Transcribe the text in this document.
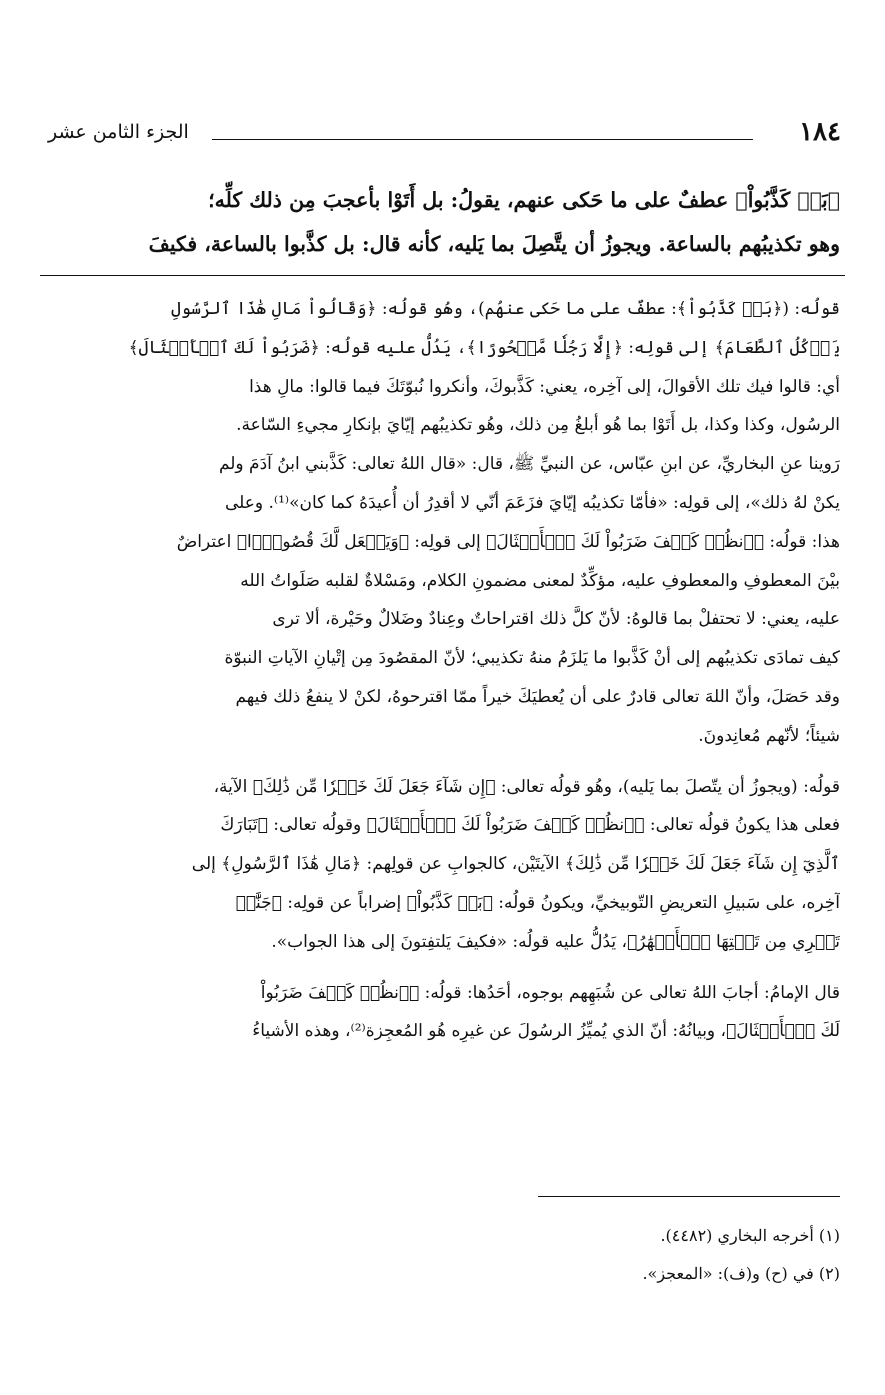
١٨٤
الجزء الثامن عشر
﴿بَلۡ كَذَّبُواْ﴾ عطفٌ على ما حَكى عنهم، يقولُ: بل أَتَوْا بأعجبَ مِن ذلك كلِّه؛
وهو تكذيبُهم بالساعة. ويجوزُ أن يتَّصِلَ بما يَليه، كأنه قال: بل كذَّبوا بالساعة، فكيفَ
قولُه: (﴿بَلۡ كَذَّبُواْ﴾: عطفٌ على ما حَكى عنهُم)، وهُو قولُه: ﴿وَقَالُواْ مَالِ هَٰذَا ٱلرَّسُولِ
يَأۡكُلُ ٱلطَّعَامَ﴾ إلى قولِه: ﴿إِلَّا رَجُلٗا مَّسۡحُورًا﴾، يَدُلُّ عليه قولُه: ﴿ضَرَبُواْ لَكَ ٱلۡأَمۡثَالَ﴾
أي: قالوا فيك تلك الأقوالَ، إلى آخِره، يعني: كَذَّبوكَ، وأنكروا نُبوّتَكَ فيما قالوا: مالِ هذا
الرسُول، وكذا وكذا، بل أَتَوْا بما هُو أبلغُ مِن ذلك، وهُو تكذيبُهم إيّايَ بإنكارِ مجيءِ السّاعة.
رَوينا عنِ البخاريِّ، عن ابنِ عبّاس، عن النبيِّ ﷺ، قال: «قال اللهُ تعالى: كَذَّبني ابنُ آدَمَ ولم
يكنْ لهُ ذلك»، إلى قولِه: «فأمّا تكذيبُه إيّايَ فزَعَمَ أنّي لا أقدِرُ أن أُعيدَهُ كما كان»⁽¹⁾. وعلى
هذا: قولُه: ﴿ٱنظُرۡ كَيۡفَ ضَرَبُواْ لَكَ ٱلۡأَمۡثَالَ﴾ إلى قولِه: ﴿وَيَجۡعَل لَّكَ قُصُورَۢا﴾ اعتراضٌ
بيْنَ المعطوفِ والمعطوفِ عليه، مؤكِّدٌ لمعنى مضمونِ الكلام، ومَسْلاةٌ لقلبه صَلَواتُ الله
عليه، يعني: لا تحتفلْ بما قالوهُ: لأنّ كلَّ ذلك اقتراحاتٌ وعِنادٌ وضَلالٌ وحَيْرة، ألا ترى
كيف تمادَى تكذيبُهم إلى أنْ كَذَّبوا ما يَلزَمُ منهُ تكذيبي؛ لأنّ المقصُودَ مِن إتْيانِ الآياتِ النبوّة
وقد حَصَلَ، وأنّ اللهَ تعالى قادرٌ على أن يُعطيَكَ خيراً ممّا اقترحوهُ، لكنْ لا ينفعُ ذلك فيهم
شيئاً؛ لأنّهم مُعانِدونَ.
قولُه: (ويجوزُ أن يتّصلَ بما يَليه)، وهُو قولُه تعالى: ﴿إِن شَآءَ جَعَلَ لَكَ خَيۡرٗا مِّن ذَٰلِكَ﴾ الآية،
فعلى هذا يكونُ قولُه تعالى: ﴿ٱنظُرۡ كَيۡفَ ضَرَبُواْ لَكَ ٱلۡأَمۡثَالَ﴾ وقولُه تعالى: ﴿تَبَارَكَ
ٱلَّذِيٓ إِن شَآءَ جَعَلَ لَكَ خَيۡرٗا مِّن ذَٰلِكَ﴾ الآيتَيْن، كالجوابِ عن قولِهم: ﴿مَالِ هَٰذَا ٱلرَّسُولِ﴾ إلى
آخِره، على سَبيلِ التعريضِ التّوبيخيِّ، ويكونُ قولُه: ﴿بَلۡ كَذَّبُواْ﴾ إضراباً عن قولِه: ﴿جَنَّٰتٖ
تَجۡرِي مِن تَحۡتِهَا ٱلۡأَنۡهَٰرُ﴾، يَدُلُّ عليه قولُه: «فكيفَ يَلتفِتونَ إلى هذا الجواب».
قال الإمامُ: أجابَ اللهُ تعالى عن شُبَهِهم بوجوه، أحَدُها: قولُه: ﴿ٱنظُرۡ كَيۡفَ ضَرَبُواْ
لَكَ ٱلۡأَمۡثَالَ﴾، وبيانُهُ: أنّ الذي يُميِّزُ الرسُولَ عن غيرِه هُو المُعجِزة⁽²⁾، وهذه الأشياءُ

(١) أخرجه البخاري (٤٤٨٢).

(٢) في (ح) و(ف): «المعجز».
